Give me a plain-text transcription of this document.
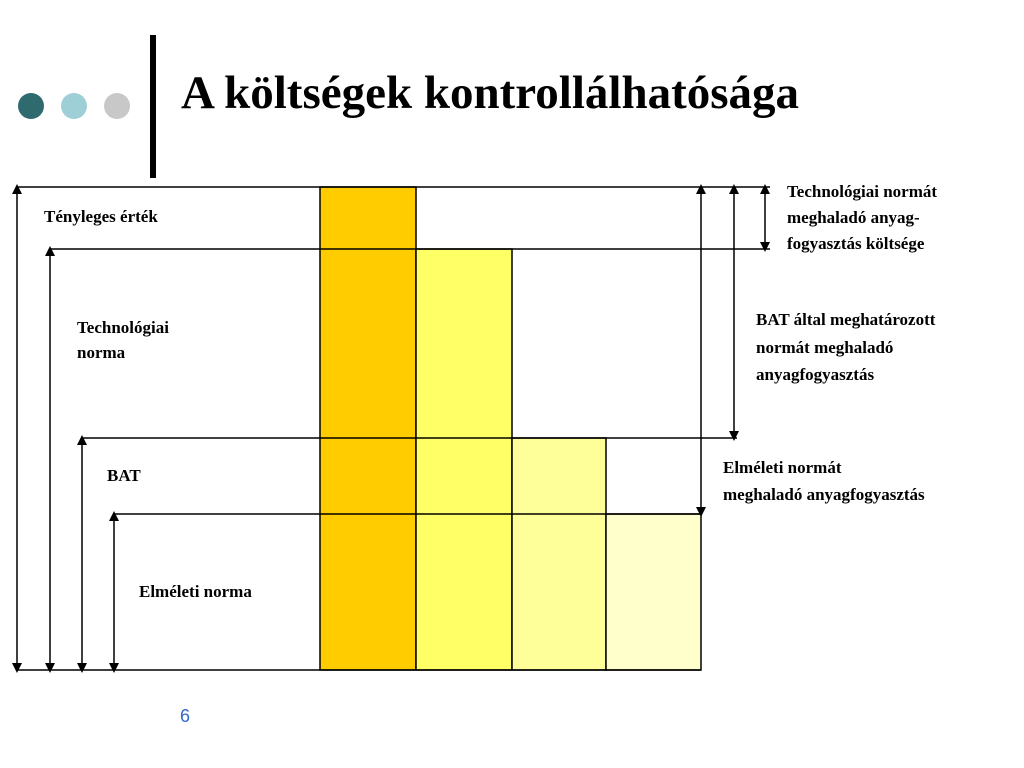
A költségek kontrollálhatósága
Tényleges érték
Technológiai
norma
BAT
Elméleti norma
Technológiai normát
meghaladó anyag-
fogyasztás költsége
BAT által meghatározott
normát meghaladó
anyagfogyasztás
Elméleti normát
meghaladó anyagfogyasztás
6
